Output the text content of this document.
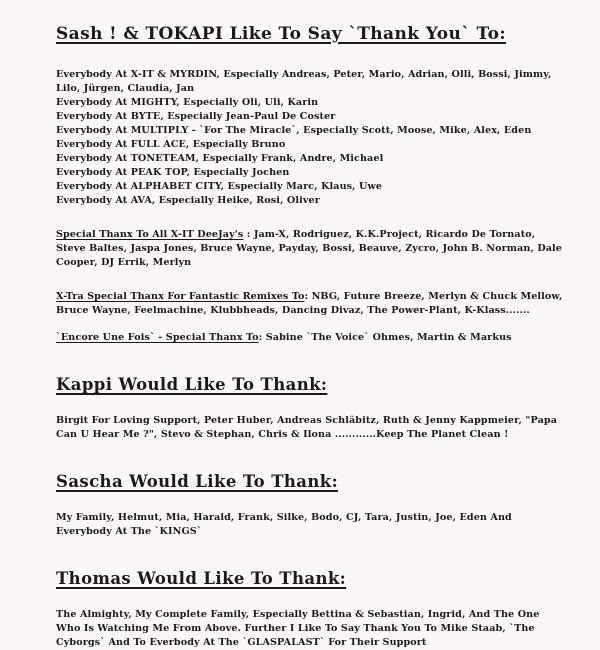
Sash ! & TOKAPI Like To Say `Thank You` To:

Everybody At X-IT & MYRDIN, Especially Andreas, Peter, Mario, Adrian, Olli, Bossi, Jimmy, Lilo, Jürgen, Claudia, Jan

Everybody At MIGHTY, Especially Oli, Uli, Karin

Everybody At BYTE, Especially Jean-Paul De Coster

Everybody At MULTIPLY - `For The Miracle`, Especially Scott, Moose, Mike, Alex, Eden

Everybody At FULL ACE, Especially Bruno

Everybody At TONETEAM, Especially Frank, Andre, Michael

Everybody At PEAK TOP, Especially Jochen

Everybody At ALPHABET CITY, Especially Marc, Klaus, Uwe

Everybody At AVA, Especially Heike, Rosi, Oliver

Special Thanx To All X-IT DeeJay's : Jam-X, Rodriguez, K.K.Project, Ricardo De Tornato, Steve Baltes, Jaspa Jones, Bruce Wayne, Payday, Bossi, Beauve, Zycro, John B. Norman, Dale Cooper, DJ Errik, Merlyn

X-Tra Special Thanx For Fantastic Remixes To: NBG, Future Breeze, Merlyn & Chuck Mellow, Bruce Wayne, Feelmachine, Klubbheads, Dancing Divaz, The Power-Plant, K-Klass.......

`Encore Une Fois` - Special Thanx To: Sabine `The Voice` Ohmes, Martin & Markus

Kappi Would Like To Thank:

Birgit For Loving Support, Peter Huber, Andreas Schläbitz, Ruth & Jenny Kappmeier, "Papa Can U Hear Me ?", Stevo & Stephan, Chris & Ilona ............Keep The Planet Clean !

Sascha Would Like To Thank:

My Family, Helmut, Mia, Harald, Frank, Silke, Bodo, CJ, Tara, Justin, Joe, Eden And Everybody At The `KINGS`

Thomas Would Like To Thank:

The Almighty, My Complete Family, Especially Bettina & Sebastian, Ingrid, And The One Who Is Watching Me From Above. Further I Like To Say Thank You To Mike Staab, `The Cyborgs` And To Everbody At The `GLASPALAST` For Their Support
